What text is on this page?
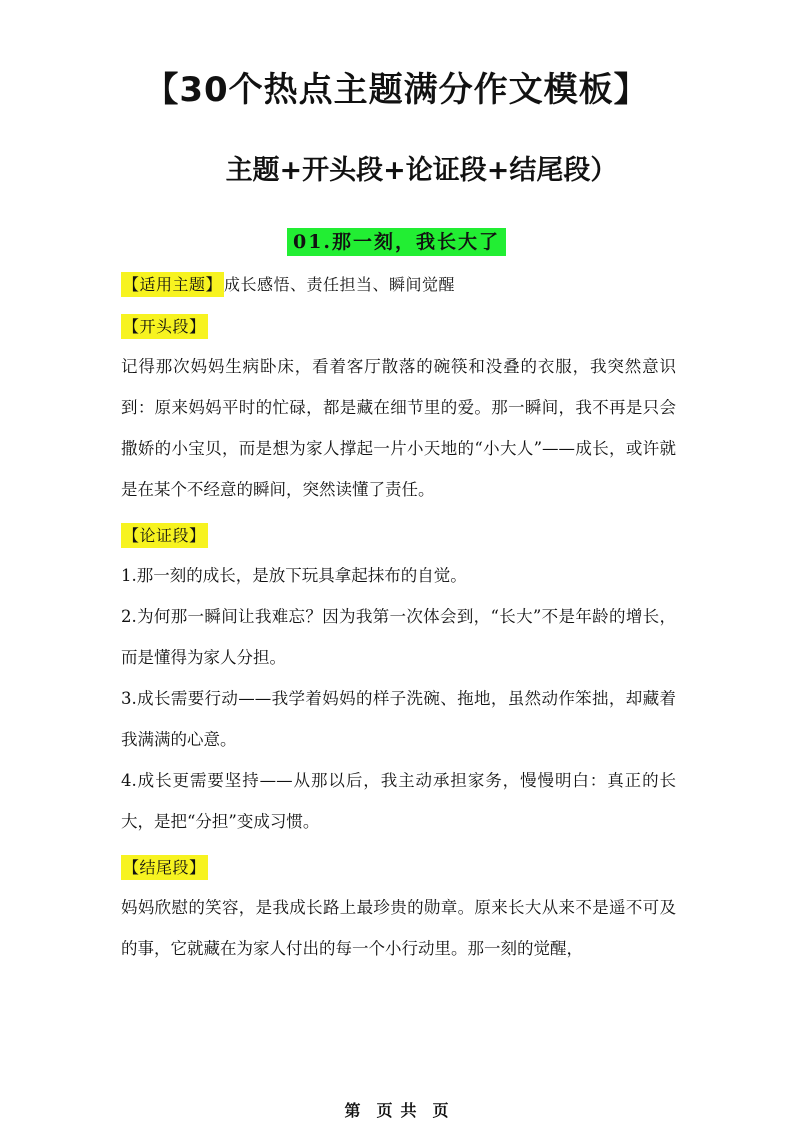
【30个热点主题满分作文模板】
主题+开头段+论证段+结尾段）
01.那一刻，我长大了
【适用主题】 成长感悟、责任担当、瞬间觉醒
【开头段】

记得那次妈妈生病卧床，看着客厅散落的碗筷和没叠的衣服，我突然意识到：原来妈妈平时的忙碌，都是藏在细节里的爱。那一瞬间，我不再是只会撒娇的小宝贝，而是想为家人撑起一片小天地的“小大人”——成长，或许就是在某个不经意的瞬间，突然读懂了责任。

【论证段】

1.那一刻的成长，是放下玩具拿起抹布的自觉。

2.为何那一瞬间让我难忘？因为我第一次体会到，“长大”不是年龄的增长，而是懂得为家人分担。

3.成长需要行动——我学着妈妈的样子洗碗、拖地，虽然动作笨拙，却藏着我满满的心意。

4.成长更需要坚持——从那以后，我主动承担家务，慢慢明白：真正的长大，是把“分担”变成习惯。

【结尾段】

妈妈欣慰的笑容，是我成长路上最珍贵的勋章。原来长大从来不是遥不可及的事，它就藏在为家人付出的每一个小行动里。那一刻的觉醒，

第 页 共 页
